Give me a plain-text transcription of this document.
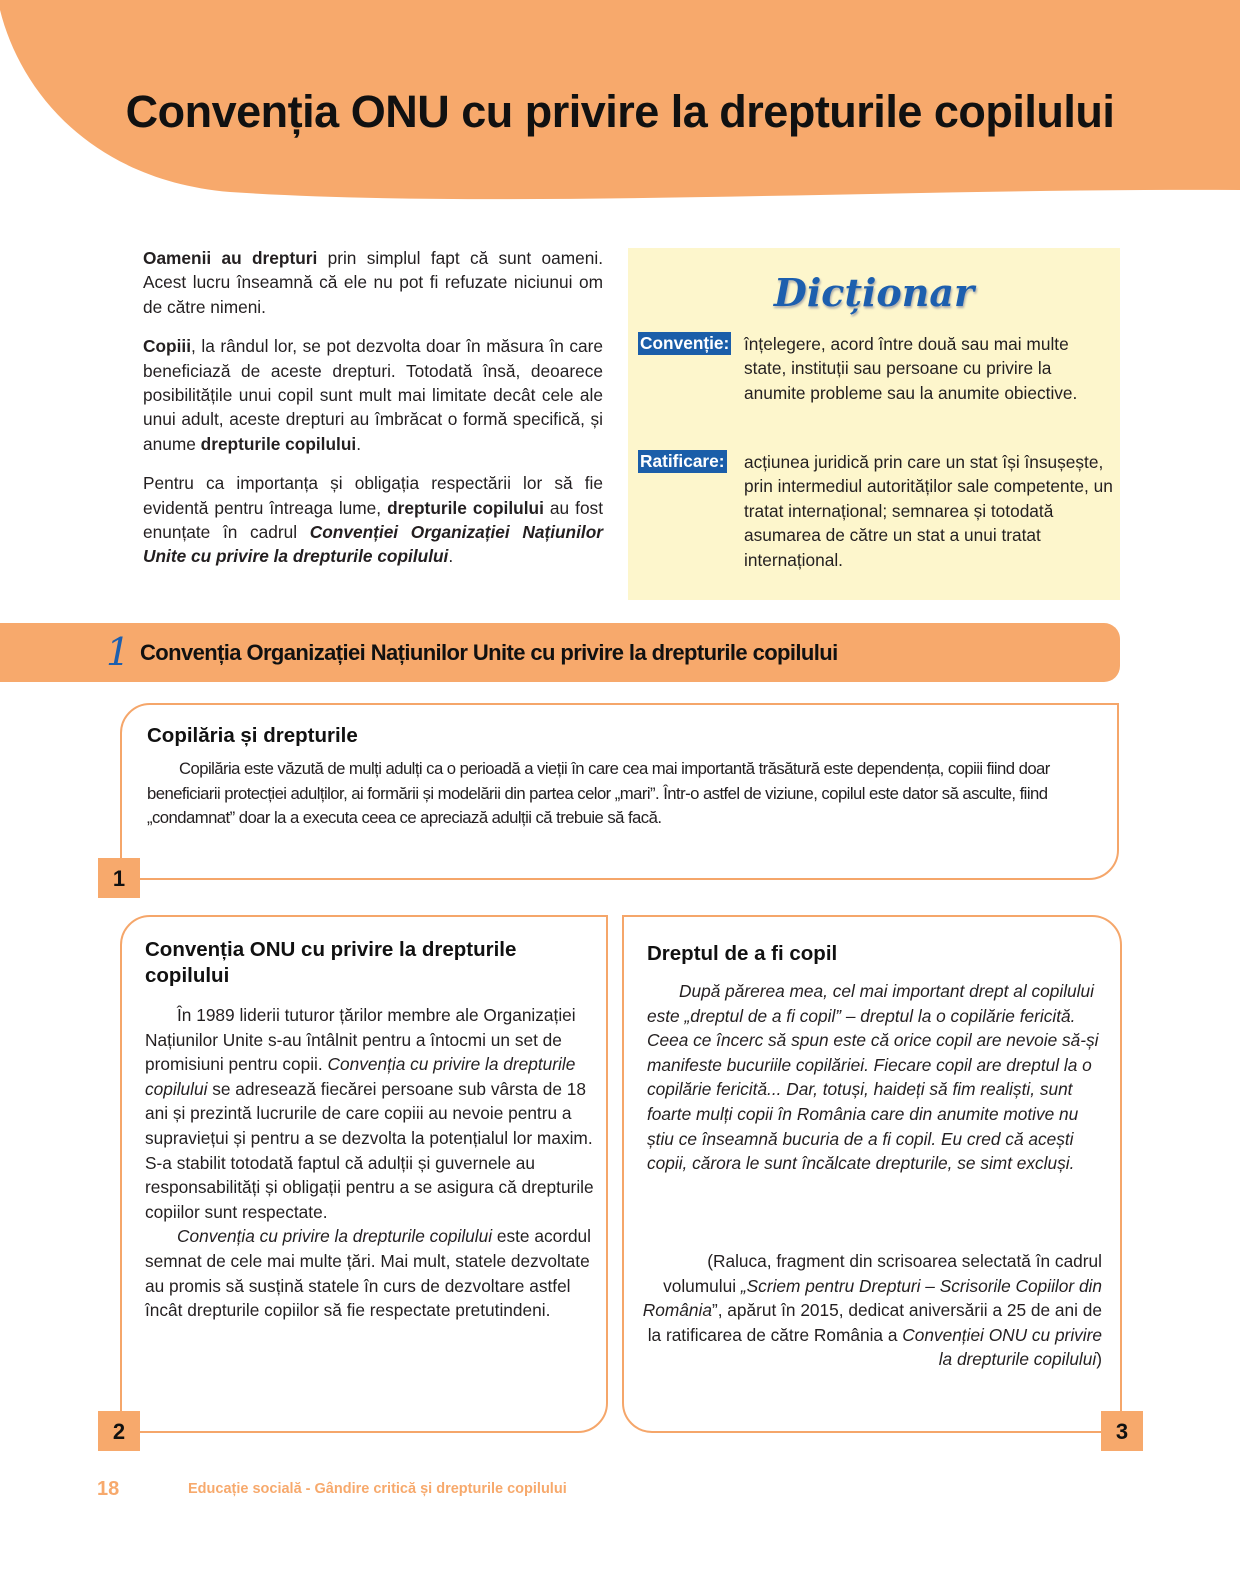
Convenția ONU cu privire la drepturile copilului

Oamenii au drepturi prin simplul fapt că sunt oameni. Acest lucru înseamnă că ele nu pot fi refuzate niciunui om de către nimeni.

Copiii, la rândul lor, se pot dezvolta doar în măsura în care beneficiază de aceste drepturi. Totodată însă, deoarece posibilitățile unui copil sunt mult mai limitate decât cele ale unui adult, aceste drepturi au îmbrăcat o formă specifică, și anume drepturile copilului.

Pentru ca importanța și obligația respectării lor să fie evidentă pentru întreaga lume, drepturile copilului au fost enunțate în cadrul Convenției Organizației Națiunilor Unite cu privire la drepturile copilului.

Dicționar
Convenție: înțelegere, acord între două sau mai multe state, instituții sau persoane cu privire la anumite probleme sau la anumite obiective.
Ratificare: acțiunea juridică prin care un stat își însușește, prin intermediul autorităților sale competente, un tratat internațional; semnarea și totodată asumarea de către un stat a unui tratat internațional.
1 Convenția Organizației Națiunilor Unite cu privire la drepturile copilului
Copilăria și drepturile
Copilăria este văzută de mulți adulți ca o perioadă a vieții în care cea mai importantă trăsătură este dependența, copiii fiind doar beneficiarii protecției adulților, ai formării și modelării din partea celor „mari”. Într-o astfel de viziune, copilul este dator să asculte, fiind „condamnat” doar la a executa ceea ce apreciază adulții că trebuie să facă.
1
Convenția ONU cu privire la drepturile copilului

În 1989 liderii tuturor țărilor membre ale Organizației Națiunilor Unite s-au întâlnit pentru a întocmi un set de promisiuni pentru copii. Convenția cu privire la drepturile copilului se adresează fiecărei persoane sub vârsta de 18 ani și prezintă lucrurile de care copiii au nevoie pentru a supraviețui și pentru a se dezvolta la potențialul lor maxim. S-a stabilit totodată faptul că adulții și guvernele au responsabilități și obligații pentru a se asigura că drepturile copiilor sunt respectate.

Convenția cu privire la drepturile copilului este acordul semnat de cele mai multe țări. Mai mult, statele dezvoltate au promis să susțină statele în curs de dezvoltare astfel încât drepturile copiilor să fie respectate pretutindeni.

2
Dreptul de a fi copil
După părerea mea, cel mai important drept al copilului este „dreptul de a fi copil” – dreptul la o copilărie fericită. Ceea ce încerc să spun este că orice copil are nevoie să-și manifeste bucuriile copilăriei. Fiecare copil are dreptul la o copilărie fericită... Dar, totuși, haideți să fim realiști, sunt foarte mulți copii în România care din anumite motive nu știu ce înseamnă bucuria de a fi copil. Eu cred că acești copii, cărora le sunt încălcate drepturile, se simt excluși.
(Raluca, fragment din scrisoarea selectată în cadrul volumului „Scriem pentru Drepturi – Scrisorile Copiilor din România”, apărut în 2015, dedicat aniversării a 25 de ani de la ratificarea de către România a Convenției ONU cu privire la drepturile copilului)
3
18	Educație socială - Gândire critică și drepturile copilului
